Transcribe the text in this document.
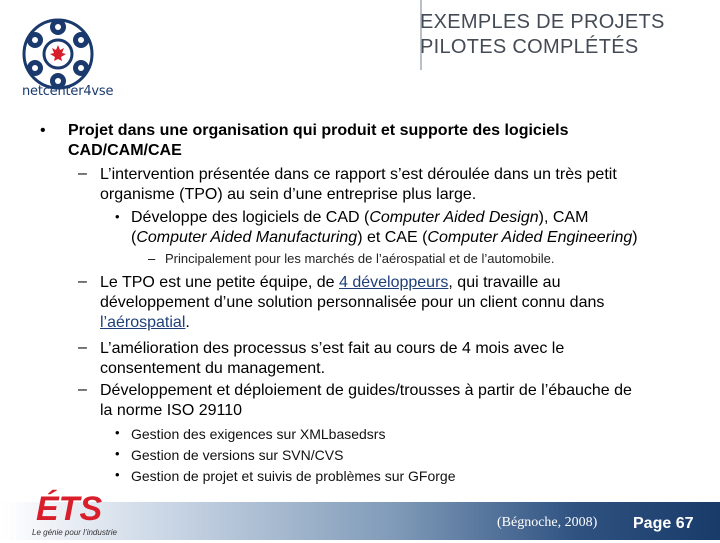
netcenter4vse
EXEMPLES DE PROJETS
PILOTES COMPLÉTÉS
• Projet dans une organisation qui produit et supporte des logiciels
CAD/CAM/CAE
– L’intervention présentée dans ce rapport s’est déroulée dans un très petit
organisme (TPO) au sein d’une entreprise plus large.
• Développe des logiciels de CAD (Computer Aided Design), CAM
(Computer Aided Manufacturing) et CAE (Computer Aided Engineering)
– Principalement pour les marchés de l’aérospatial et de l’automobile.
– Le TPO est une petite équipe, de 4 développeurs, qui travaille au
développement d’une solution personnalisée pour un client connu dans
l’aérospatial.
– L’amélioration des processus s’est fait au cours de 4 mois avec le
consentement du management.
– Développement et déploiement de guides/trousses à partir de l’ébauche de
la norme ISO 29110
• Gestion des exigences sur XMLbasedsrs
• Gestion de versions sur SVN/CVS
• Gestion de projet et suivis de problèmes sur GForge
ÉTS
Le génie pour l’industrie
(Bégnoche, 2008) Page 67
